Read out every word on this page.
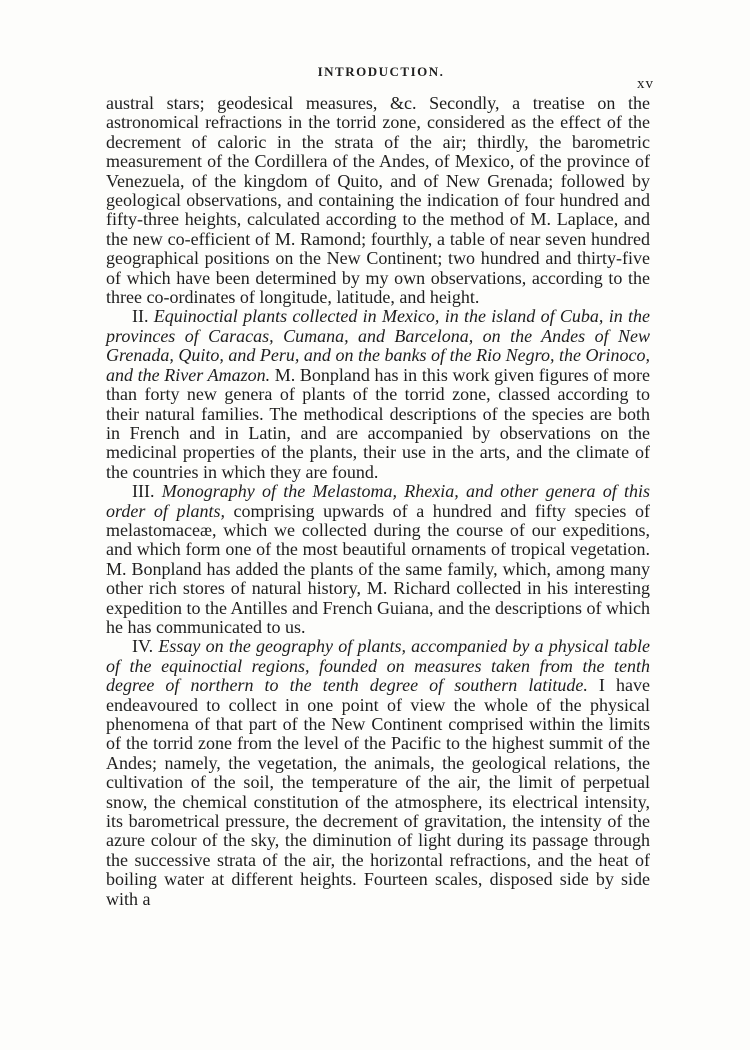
INTRODUCTION.
xv

austral stars; geodesical measures, &c. Secondly, a treatise on the astronomical refractions in the torrid zone, considered as the effect of the decrement of caloric in the strata of the air; thirdly, the barometric measurement of the Cordillera of the Andes, of Mexico, of the province of Venezuela, of the kingdom of Quito, and of New Grenada; followed by geological observations, and containing the indication of four hundred and fifty-three heights, calculated according to the method of M. Laplace, and the new co-efficient of M. Ramond; fourthly, a table of near seven hundred geographical positions on the New Continent; two hundred and thirty-five of which have been determined by my own observations, according to the three co-ordinates of longitude, latitude, and height.

II. Equinoctial plants collected in Mexico, in the island of Cuba, in the provinces of Caracas, Cumana, and Barcelona, on the Andes of New Grenada, Quito, and Peru, and on the banks of the Rio Negro, the Orinoco, and the River Amazon. M. Bonpland has in this work given figures of more than forty new genera of plants of the torrid zone, classed according to their natural families. The methodical descriptions of the species are both in French and in Latin, and are accompanied by observations on the medicinal properties of the plants, their use in the arts, and the climate of the countries in which they are found.

III. Monography of the Melastoma, Rhexia, and other genera of this order of plants, comprising upwards of a hundred and fifty species of melastomaceæ, which we collected during the course of our expeditions, and which form one of the most beautiful ornaments of tropical vegetation. M. Bonpland has added the plants of the same family, which, among many other rich stores of natural history, M. Richard collected in his interesting expedition to the Antilles and French Guiana, and the descriptions of which he has communicated to us.

IV. Essay on the geography of plants, accompanied by a physical table of the equinoctial regions, founded on measures taken from the tenth degree of northern to the tenth degree of southern latitude. I have endeavoured to collect in one point of view the whole of the physical phenomena of that part of the New Continent comprised within the limits of the torrid zone from the level of the Pacific to the highest summit of the Andes; namely, the vegetation, the animals, the geological relations, the cultivation of the soil, the temperature of the air, the limit of perpetual snow, the chemical constitution of the atmosphere, its electrical intensity, its barometrical pressure, the decrement of gravitation, the intensity of the azure colour of the sky, the diminution of light during its passage through the successive strata of the air, the horizontal refractions, and the heat of boiling water at different heights. Fourteen scales, disposed side by side with a
